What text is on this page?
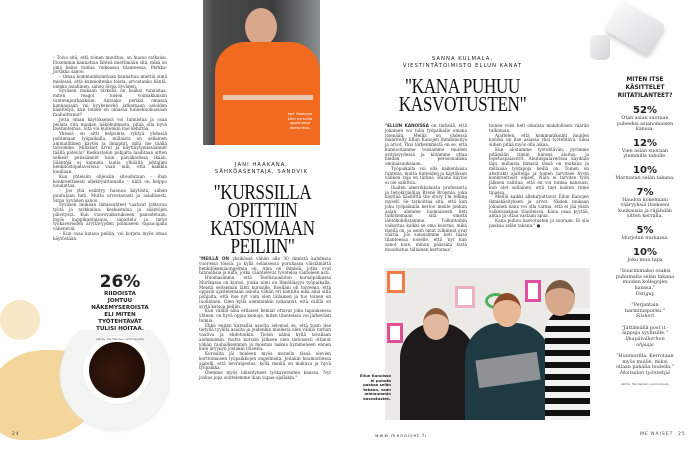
– Toivo sitä, että toinen muuttuu, on huono ratkaisu. Ensemmin kannattaa lähteä miettimään sitä, mikä on oma keino toimia vaikeassa tilanteessa, Perkka-Jortikka sanoo.

– Omaa kommunikointiaan kannattaa miettiä siinä mielessä, että kunnioitenko toista, arvostanko häntä, olenko asiallinen, sanoo Sirpa Syvänen.

Syväsen mukaan tärkeää on lisäksi tunnistaa, miten reagoi toisen voimakkaisiin tunteenpurkauksiin. Antaako periksi omassa kannassaan vai kyykenevkö jatkamaan asioiden käsittelyä, kun toinen on omassa tunnekuohussaan raahoittunut?

Jotta oman käytöksensä voi tunnistaa ja osaa peilata sitä muiden näkökulmasta, pitää olla hyvä itsetuntemus. Sitä voi kuitenkin itse kehittää.

Yhessä on sitti helpointa ryhtyä yhdessä pohtimaan työpaikalla, millaista on sellainen ammatillinen käytös ja ilmapiiri, mitä me täällä toivomme. Millaiset arvot ja käyttäytymissäännöt täällä pätevät? Keskustelun pohjalta laaditaan sitten selkeät pelisäännöt kuin päiväkodissa ikään. Sääntöjä ei kannata laatia ylhäältä johtajien henkilöstöpalaverissa vaan niin, että kaikkia kuullaan.

Kun yhteisiin ohjeisiin sitoudutaan – ihan konkreettisesti allekirjoittamalla – niitä on helppo noudattaa.

– Jos yhä esiintyy huonoa käytöstä, siihen puututaan heti. Mutta arvostavasti ja asiallisesti, Sirpa Syvänen sanoo.

Syväsen mukaan ihmissuhteet vaativat jatkuvaa työtä ja tarkkailua, keskustelua ja sääntöjen päivitystä. Kun vuorovaikutukseen panostetaan, myös kuppikuntaisuus, sapattelu ja tarve työkavereiden äryttävyyden poimiseen vapaa-ajalla vähenevät.

– Kun osaa katsoa peiliin, voi korjata myös omaa käytöstään.

26%
RIIDOISTA
JOHTUU
NÄKEMYSEROISTA
ELI MITEN
TYÖTEHTÄVÄT
TULISI HOITAA.
Lähde: Me Naisten verkkokysely
24
Jani Haakana kävi kurssilla oppimassa itsetuntoa.
JANI HAAKANA,
SÄHKÖASENTAJA, SANDVIK
"KURSSILLA OPITTIIN KATSOMAAN PEILIIN"

"MEILLÄ ON yksikössä vähän alle 30 ihmistä kahdessa vuorossa töissä, ja kyllä sellaisessa porukassa väistämättä henkilökemiaongelmia on. Aina on ihmisiä, jotka ovat tunnollisia ja niitä, jotka vääntelevät työnteloa vänteleen asti.

Huomasimme, että Teollisuusliiton kurssipaikassa Murikassa on kurssi, jonka nimi on Ilmiöläisyys työpaikalla. Meistä seitsemän lähti kurssille. Itselläni oli toiveena, että oppisin ajattelemaan asioita vähän eri kantilta eikä aina siltä pohjalta, että itse nyt vain olen tällainen ja tuo toinen on tuollainen. Olen kyllä aiemminkin hokannut, että välillä on syytä katsoa peiliin.

Kun välillä aina erilaiset kemiat ottavat joka tapauksessa yhteen, on hyvä oppia keinoja, miten tilanteissa voi järkevästi toimia.

Ehkä eniten kurssilla asioita selvensi se, että tosin itse tietyllä tyylillä asioita ja joidenkin mielestä olen välillä turhan vaativa ja ehdotonkin. Tiesin nämä kyllä tavallaan aiemminkin, mutta kurssin jälkeen olen tietoisesti ottanut vähän rauhallisemmin ja moistan laskea kymmeneen ennen kuin äryynyn jostakin toisesta.

Kurssilta jäi mieleen myös monella tässä olevien korttomaisen työpaikkojen ongelmista. Joitakin huumorilessa ajatelli, että hevranjestus, kyllä meillä on mukava ja hyvä työpaikka.

Olemme myös liikentyneet työkavereiden kanssa. Nyt joskus jopa soittelemme ihan vapaa-ajallakin."

SANNA KULMALA,
VIESTINTÄTOIMISTO ELLUN KANAT
"KANA PUHUU KASVOTUSTEN"

"ELLUN KANOISSA on tärkeää, että jokainen voi tulla työpaikalle omana itsenään. Meillä on yhdessä määritelty Ellun Kanojen ihmiskäsitys ja arvot. Yksi tärkeimmistä on se, että kunnioitamme toisiamme muiden erityisyydessä ja kiitämme ottaa heidän persoonallisia ominaisuuksiaan.

Työpaikalla voi olla kaikenlaisia tunteita, mutta tunteiden ja käytöksen välinen raja on tärkeä. Huono käytös ei ole sallittua.

Ihailen amerikkalaista professoria ja tietokirjailijaa Brené Brownia, joka käyttää käsitettä the story I'm telling myself. Se tarkoittaa sitä, että kun joku työpaikalla kertoo meille jonkun asian, alamme luonnaisesti heti tulkitsemaan sitä omista lähtökohdistamme. Tulkintoihin vaikuttaa kaikki se oma kuorma, mikä itsellä on, ja usein omat tulkinnat ovat vääriä. Jos sanoisimme heti tässä tilanteessa toiselle, että 'nyt kun sanot noin, minun päässäni tästä muodostuu tällainen kertomus',

toinen voisi heti oikaista mahdollisen väärän tulkinnan.

Ajattelen, että kommunikointi muiden kanssa on itse asiassa yksi työtehtävä. Siksi siihen pitää myös olla aikaa.

Kun aloitamme työtehtävän, pyrimme pitämään tiimin kanssa aloitus- ja lopetuspalaverit. Aloituspalaverissa käydään läpi, millaisia ihmisiä tässä on mukana ja millaisia työtapoja heillä on. Toinen on abstrakti ajattelija ja toinen tarvitsee hyvin konkreettiset ohjeet. Näin ei tarvitse työn jälkeen valittaa, että en voi toimia kanssasi, kun olet sellainen, että tuet kaiken viime tipassa.

Meillä kaikki allekirjoittavat Ellun Kanojen ihmiskäsityksen ja arvot. Niiden mukaan jokainen kana voi olla varma, että ei jää yksin vaikeissakaan tilanteissa. Kana osaa pyytää, antaa ja ottaa vastaan apua.

Kana puhuu kasvotusten ja suoraan. Ei siis paskaa selän takana." ●

Ellun Kanoissa ei puhuta paskaa selän takana, vaan mieluummin kasvotusten.
www.menaiset.fi
MITEN ITSE KÄSITTELET RIITATILANTEET?
52%
Otan asian suoraan puheeksi asianomaisen kanssa.
12%
Vien asian suoraan ylemmille taholle.
10%
Marmatan selän takana.
7%
Haudon kokemiani vääryyksiä itsekseni kuukausia ja räjähdän sitten kerralla.
5%
Murjotan nurkassa.
10%
Joku muu tapa
"Suurimmaksi osaksi puhumalla selän takana muiden kollegojen kanssa."
Ostiguy
"Perjantain harmituspurku."
Siiskeri
"Jättämällä post it -lappuja syyllisille."
Ilkapäiväkerhon ohjaaja
"Huumorilla. Kerrotaan myös muille, miksi ollaan pahalla tuulella."
Moitsalan työntekijä
Lähde: Me Naisten verkkokysely
ME NAISET 25
